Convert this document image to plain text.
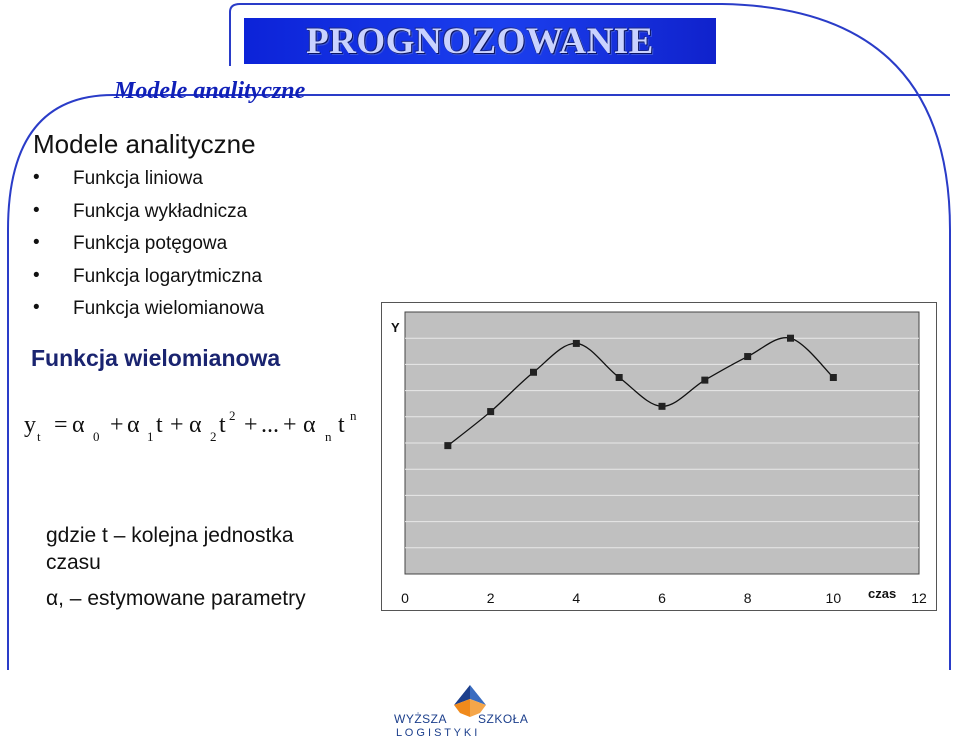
PROGNOZOWANIE
Modele analityczne
Modele analityczne
• Funkcja liniowa
• Funkcja wykładnicza
• Funkcja potęgowa
• Funkcja logarytmiczna
• Funkcja wielomianowa
Funkcja wielomianowa
y t = α 0 + α 1 t + α 2 t 2 + ... + α n t n
gdzie t – kolejna jednostka czasu
α, – estymowane parametry
Y
0	2	4	6	8	10	12
czas
WYŻSZA	SZKOŁA
L O G I S T Y K I
